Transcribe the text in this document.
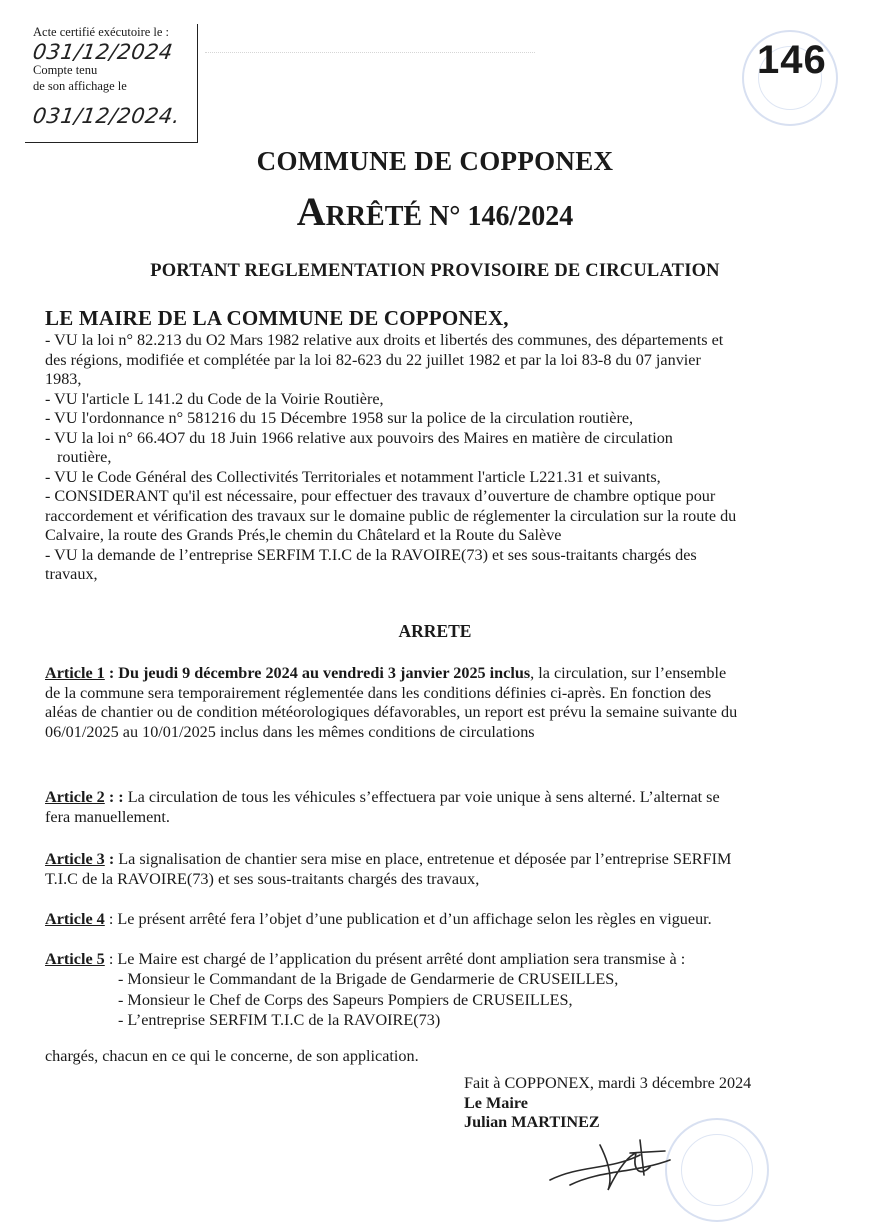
Acte certifié exécutoire le :
031/12/2024
Compte tenu
de son affichage le
031/12/2024.
146
COMMUNE DE COPPONEX
ARRÊTÉ N° 146/2024
PORTANT REGLEMENTATION PROVISOIRE DE CIRCULATION
LE MAIRE DE LA COMMUNE DE COPPONEX,

- VU la loi n° 82.213 du O2 Mars 1982 relative aux droits et libertés des communes, des départements et

des régions, modifiée et complétée par la loi 82-623 du 22 juillet 1982 et par la loi 83-8 du 07 janvier

1983,

- VU l'article L 141.2 du Code de la Voirie Routière,

- VU l'ordonnance n° 581216 du 15 Décembre 1958 sur la police de la circulation routière,

- VU la loi n° 66.4O7 du 18 Juin 1966 relative aux pouvoirs des Maires en matière de circulation

routière,

- VU le Code Général des Collectivités Territoriales et notamment l'article L221.31 et suivants,

- CONSIDERANT qu'il est nécessaire, pour effectuer des travaux d’ouverture de chambre optique pour

raccordement et vérification des travaux sur le domaine public de réglementer la circulation sur la route du

Calvaire, la route des Grands Prés,le chemin du Châtelard et la Route du Salève

- VU la demande de l’entreprise SERFIM T.I.C de la RAVOIRE(73) et ses sous-traitants chargés des

travaux,

ARRETE
Article 1 : Du jeudi 9 décembre 2024 au vendredi 3 janvier 2025 inclus, la circulation, sur l’ensemble
de la commune sera temporairement réglementée dans les conditions définies ci-après. En fonction des
aléas de chantier ou de condition météorologiques défavorables, un report est prévu la semaine suivante du
06/01/2025 au 10/01/2025 inclus dans les mêmes conditions de circulations
Article 2 : : La circulation de tous les véhicules s’effectuera par voie unique à sens alterné. L’alternat se
fera manuellement.
Article 3 : La signalisation de chantier sera mise en place, entretenue et déposée par l’entreprise SERFIM
T.I.C de la RAVOIRE(73) et ses sous-traitants chargés des travaux,
Article 4 : Le présent arrêté fera l’objet d’une publication et d’un affichage selon les règles en vigueur.
Article 5 : Le Maire est chargé de l’application du présent arrêté dont ampliation sera transmise à :
- Monsieur le Commandant de la Brigade de Gendarmerie de CRUSEILLES,
- Monsieur le Chef de Corps des Sapeurs Pompiers de CRUSEILLES,
- L’entreprise SERFIM T.I.C de la RAVOIRE(73)
chargés, chacun en ce qui le concerne, de son application.
Fait à COPPONEX, mardi 3 décembre 2024
Le Maire
Julian MARTINEZ
